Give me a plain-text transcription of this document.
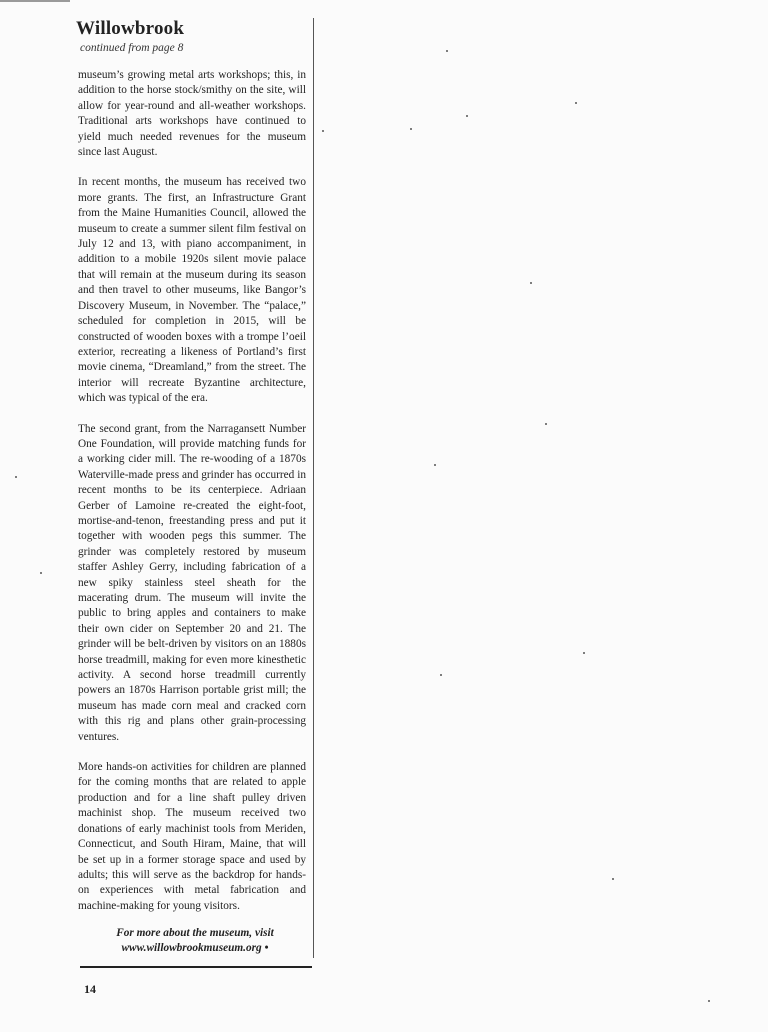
Willowbrook
continued from page 8

museum’s growing metal arts workshops; this, in addition to the horse stock/smithy on the site, will allow for year-round and all-weather workshops. Traditional arts workshops have continued to yield much needed revenues for the museum since last August.

In recent months, the museum has received two more grants. The first, an Infrastructure Grant from the Maine Humanities Council, allowed the museum to create a summer silent film festival on July 12 and 13, with piano accompaniment, in addition to a mobile 1920s silent movie palace that will remain at the museum during its season and then travel to other museums, like Bangor’s Discovery Museum, in November. The “palace,” scheduled for completion in 2015, will be constructed of wooden boxes with a trompe l’oeil exterior, recreating a likeness of Portland’s first movie cinema, “Dreamland,” from the street. The interior will recreate Byzantine architecture, which was typical of the era.

The second grant, from the Narragansett Number One Foundation, will provide matching funds for a working cider mill. The re-wooding of a 1870s Waterville-made press and grinder has occurred in recent months to be its centerpiece. Adriaan Gerber of Lamoine re-created the eight-foot, mortise-and-tenon, freestanding press and put it together with wooden pegs this summer. The grinder was completely restored by museum staffer Ashley Gerry, including fabrication of a new spiky stainless steel sheath for the macerating drum. The museum will invite the public to bring apples and containers to make their own cider on September 20 and 21. The grinder will be belt-driven by visitors on an 1880s horse treadmill, making for even more kinesthetic activity. A second horse treadmill currently powers an 1870s Harrison portable grist mill; the museum has made corn meal and cracked corn with this rig and plans other grain-processing ventures.

More hands-on activities for children are planned for the coming months that are related to apple production and for a line shaft pulley driven machinist shop. The museum received two donations of early machinist tools from Meriden, Connecticut, and South Hiram, Maine, that will be set up in a former storage space and used by adults; this will serve as the backdrop for hands-on experiences with metal fabrication and machine-making for young visitors.

For more about the museum, visit www.willowbrookmuseum.org •
14
